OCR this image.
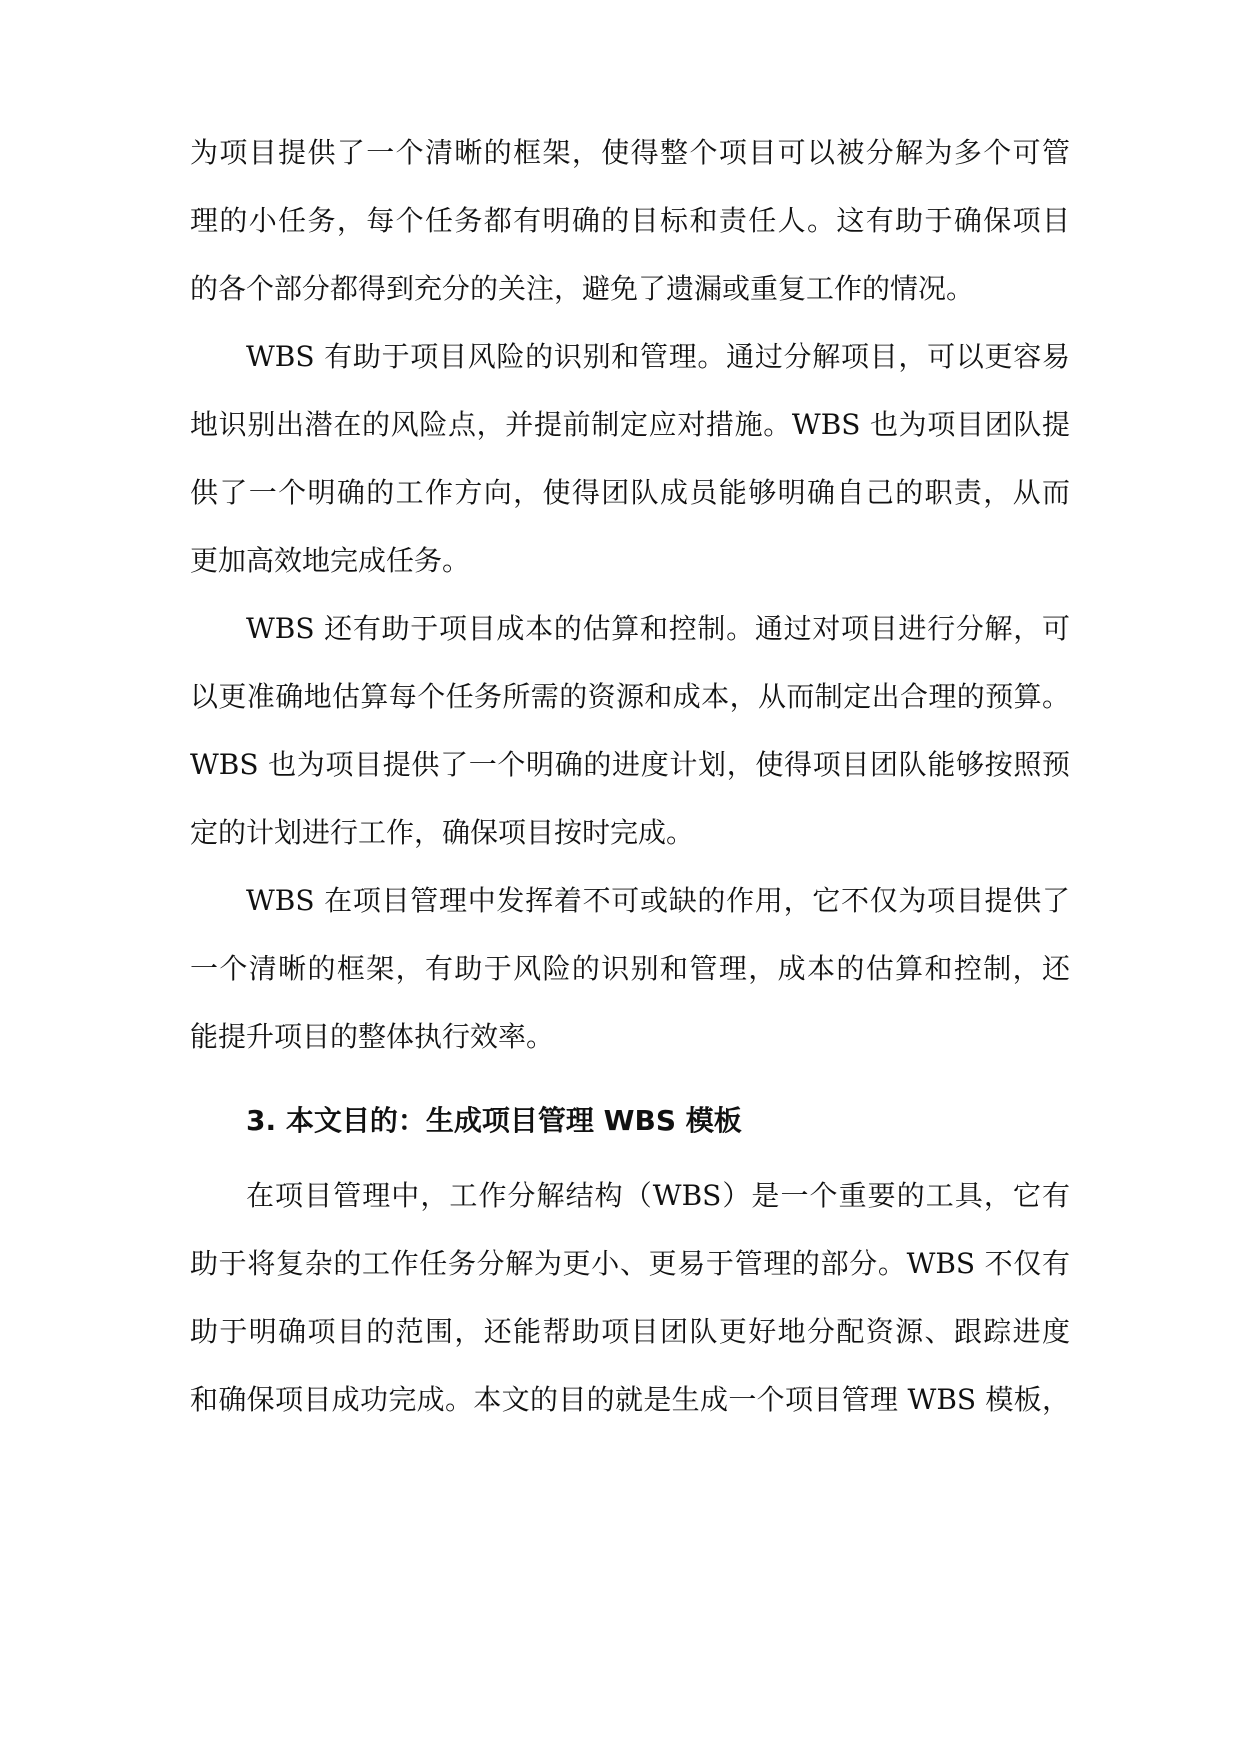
为项目提供了一个清晰的框架，使得整个项目可以被分解为多个可管
理的小任务，每个任务都有明确的目标和责任人。这有助于确保项目
的各个部分都得到充分的关注，避免了遗漏或重复工作的情况。
WBS 有助于项目风险的识别和管理。通过分解项目，可以更容易
地识别出潜在的风险点，并提前制定应对措施。WBS 也为项目团队提
供了一个明确的工作方向，使得团队成员能够明确自己的职责，从而
更加高效地完成任务。
WBS 还有助于项目成本的估算和控制。通过对项目进行分解，可
以更准确地估算每个任务所需的资源和成本，从而制定出合理的预算。
WBS 也为项目提供了一个明确的进度计划，使得项目团队能够按照预
定的计划进行工作，确保项目按时完成。
WBS 在项目管理中发挥着不可或缺的作用，它不仅为项目提供了
一个清晰的框架，有助于风险的识别和管理，成本的估算和控制，还
能提升项目的整体执行效率。
3. 本文目的：生成项目管理 WBS 模板
在项目管理中，工作分解结构（WBS）是一个重要的工具，它有
助于将复杂的工作任务分解为更小、更易于管理的部分。WBS 不仅有
助于明确项目的范围，还能帮助项目团队更好地分配资源、跟踪进度
和确保项目成功完成。本文的目的就是生成一个项目管理 WBS 模板，
